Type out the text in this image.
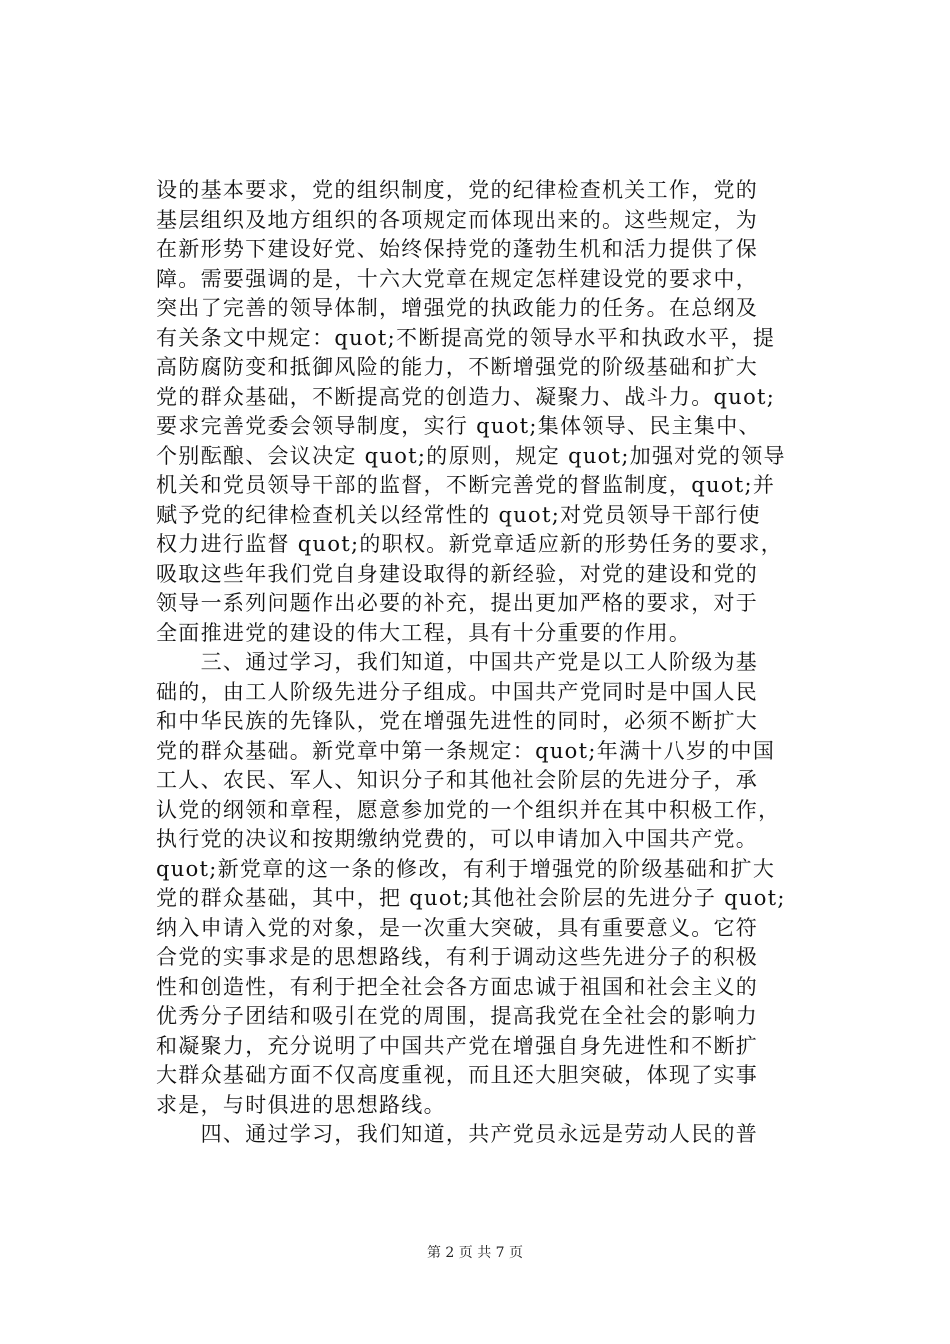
设的基本要求，党的组织制度，党的纪律检查机关工作，党的
基层组织及地方组织的各项规定而体现出来的。这些规定，为
在新形势下建设好党、始终保持党的蓬勃生机和活力提供了保
障。需要强调的是，十六大党章在规定怎样建设党的要求中，
突出了完善的领导体制，增强党的执政能力的任务。在总纲及
有关条文中规定：quot;不断提高党的领导水平和执政水平，提
高防腐防变和抵御风险的能力，不断增强党的阶级基础和扩大
党的群众基础，不断提高党的创造力、凝聚力、战斗力。quot;
要求完善党委会领导制度，实行 quot;集体领导、民主集中、
个别酝酿、会议决定 quot;的原则，规定 quot;加强对党的领导
机关和党员领导干部的监督，不断完善党的督监制度，quot;并
赋予党的纪律检查机关以经常性的 quot;对党员领导干部行使
权力进行监督 quot;的职权。新党章适应新的形势任务的要求，
吸取这些年我们党自身建设取得的新经验，对党的建设和党的
领导一系列问题作出必要的补充，提出更加严格的要求，对于
全面推进党的建设的伟大工程，具有十分重要的作用。
　　三、通过学习，我们知道，中国共产党是以工人阶级为基
础的，由工人阶级先进分子组成。中国共产党同时是中国人民
和中华民族的先锋队，党在增强先进性的同时，必须不断扩大
党的群众基础。新党章中第一条规定：quot;年满十八岁的中国
工人、农民、军人、知识分子和其他社会阶层的先进分子，承
认党的纲领和章程，愿意参加党的一个组织并在其中积极工作，
执行党的决议和按期缴纳党费的，可以申请加入中国共产党。
quot;新党章的这一条的修改，有利于增强党的阶级基础和扩大
党的群众基础，其中，把 quot;其他社会阶层的先进分子 quot;
纳入申请入党的对象，是一次重大突破，具有重要意义。它符
合党的实事求是的思想路线，有利于调动这些先进分子的积极
性和创造性，有利于把全社会各方面忠诚于祖国和社会主义的
优秀分子团结和吸引在党的周围，提高我党在全社会的影响力
和凝聚力，充分说明了中国共产党在增强自身先进性和不断扩
大群众基础方面不仅高度重视，而且还大胆突破，体现了实事
求是，与时俱进的思想路线。
　　四、通过学习，我们知道，共产党员永远是劳动人民的普
第 2 页 共 7 页
